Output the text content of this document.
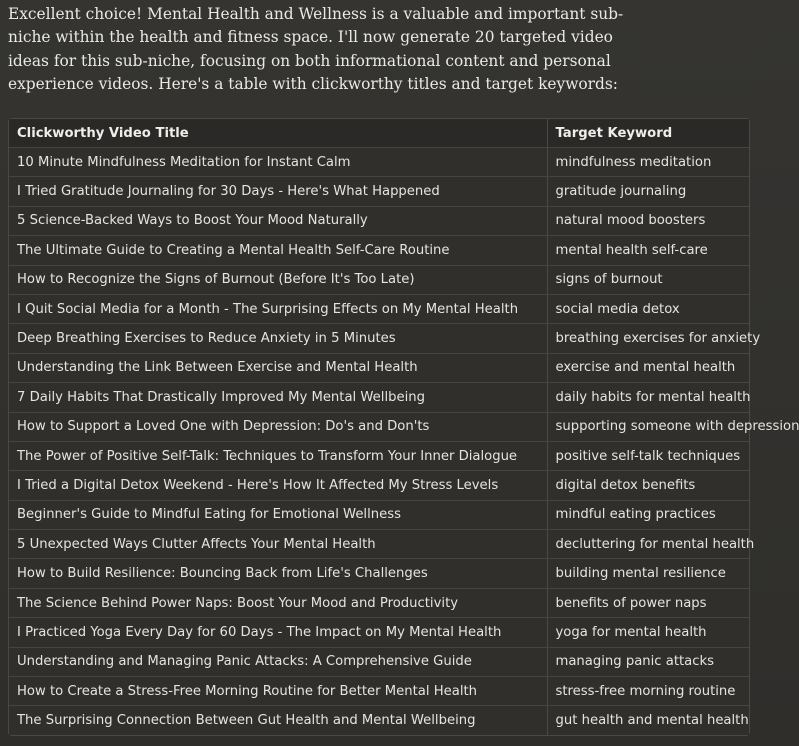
Excellent choice! Mental Health and Wellness is a valuable and important sub-niche within the health and fitness space. I'll now generate 20 targeted video ideas for this sub-niche, focusing on both informational content and personal experience videos. Here's a table with clickworthy titles and target keywords:

Clickworthy Video Title	Target Keyword
10 Minute Mindfulness Meditation for Instant Calm	mindfulness meditation
I Tried Gratitude Journaling for 30 Days - Here's What Happened	gratitude journaling
5 Science-Backed Ways to Boost Your Mood Naturally	natural mood boosters
The Ultimate Guide to Creating a Mental Health Self-Care Routine	mental health self-care
How to Recognize the Signs of Burnout (Before It's Too Late)	signs of burnout
I Quit Social Media for a Month - The Surprising Effects on My Mental Health	social media detox
Deep Breathing Exercises to Reduce Anxiety in 5 Minutes	breathing exercises for anxiety
Understanding the Link Between Exercise and Mental Health	exercise and mental health
7 Daily Habits That Drastically Improved My Mental Wellbeing	daily habits for mental health
How to Support a Loved One with Depression: Do's and Don'ts	supporting someone with depression
The Power of Positive Self-Talk: Techniques to Transform Your Inner Dialogue	positive self-talk techniques
I Tried a Digital Detox Weekend - Here's How It Affected My Stress Levels	digital detox benefits
Beginner's Guide to Mindful Eating for Emotional Wellness	mindful eating practices
5 Unexpected Ways Clutter Affects Your Mental Health	decluttering for mental health
How to Build Resilience: Bouncing Back from Life's Challenges	building mental resilience
The Science Behind Power Naps: Boost Your Mood and Productivity	benefits of power naps
I Practiced Yoga Every Day for 60 Days - The Impact on My Mental Health	yoga for mental health
Understanding and Managing Panic Attacks: A Comprehensive Guide	managing panic attacks
How to Create a Stress-Free Morning Routine for Better Mental Health	stress-free morning routine
The Surprising Connection Between Gut Health and Mental Wellbeing	gut health and mental health
